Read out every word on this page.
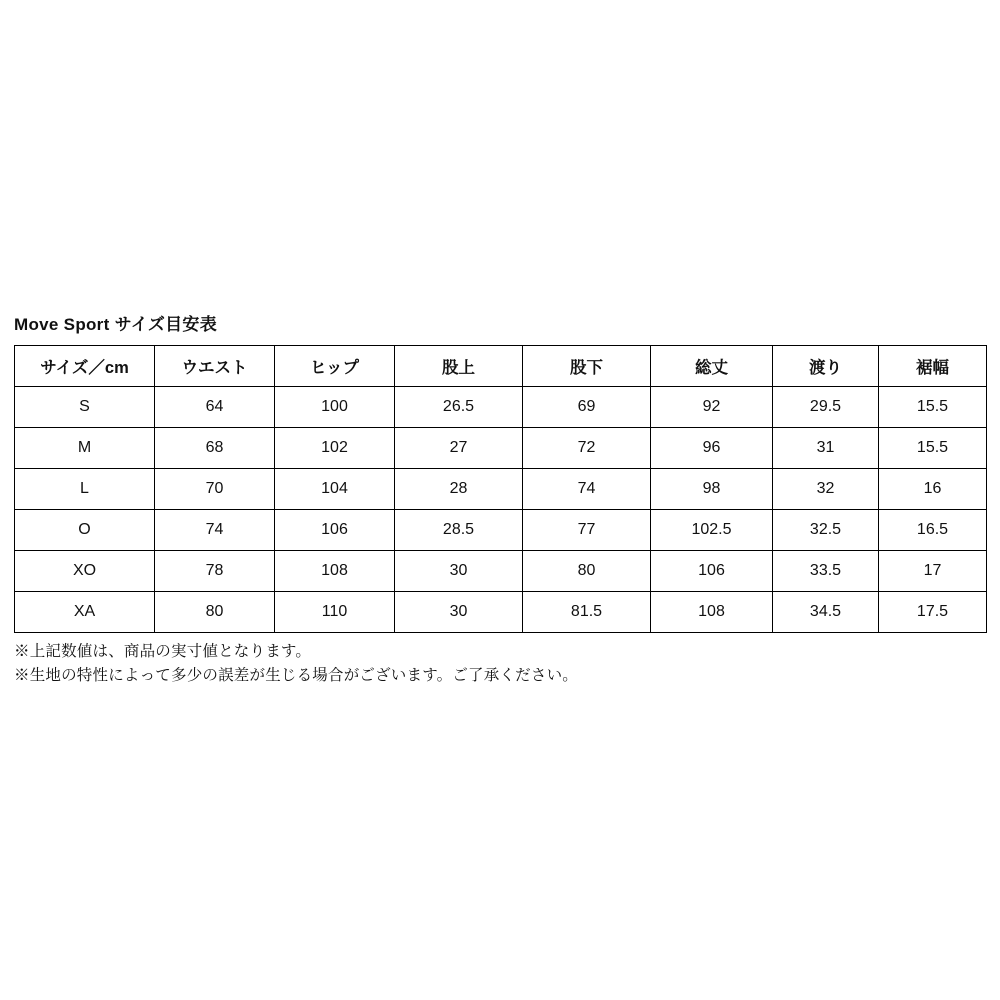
Move Sport サイズ目安表
サイズ／cm	ウエスト	ヒップ	股上	股下	総丈	渡り	裾幅
S	64	100	26.5	69	92	29.5	15.5
M	68	102	27	72	96	31	15.5
L	70	104	28	74	98	32	16
O	74	106	28.5	77	102.5	32.5	16.5
XO	78	108	30	80	106	33.5	17
XA	80	110	30	81.5	108	34.5	17.5
※上記数値は、商品の実寸値となります。
※生地の特性によって多少の誤差が生じる場合がございます。ご了承ください。
